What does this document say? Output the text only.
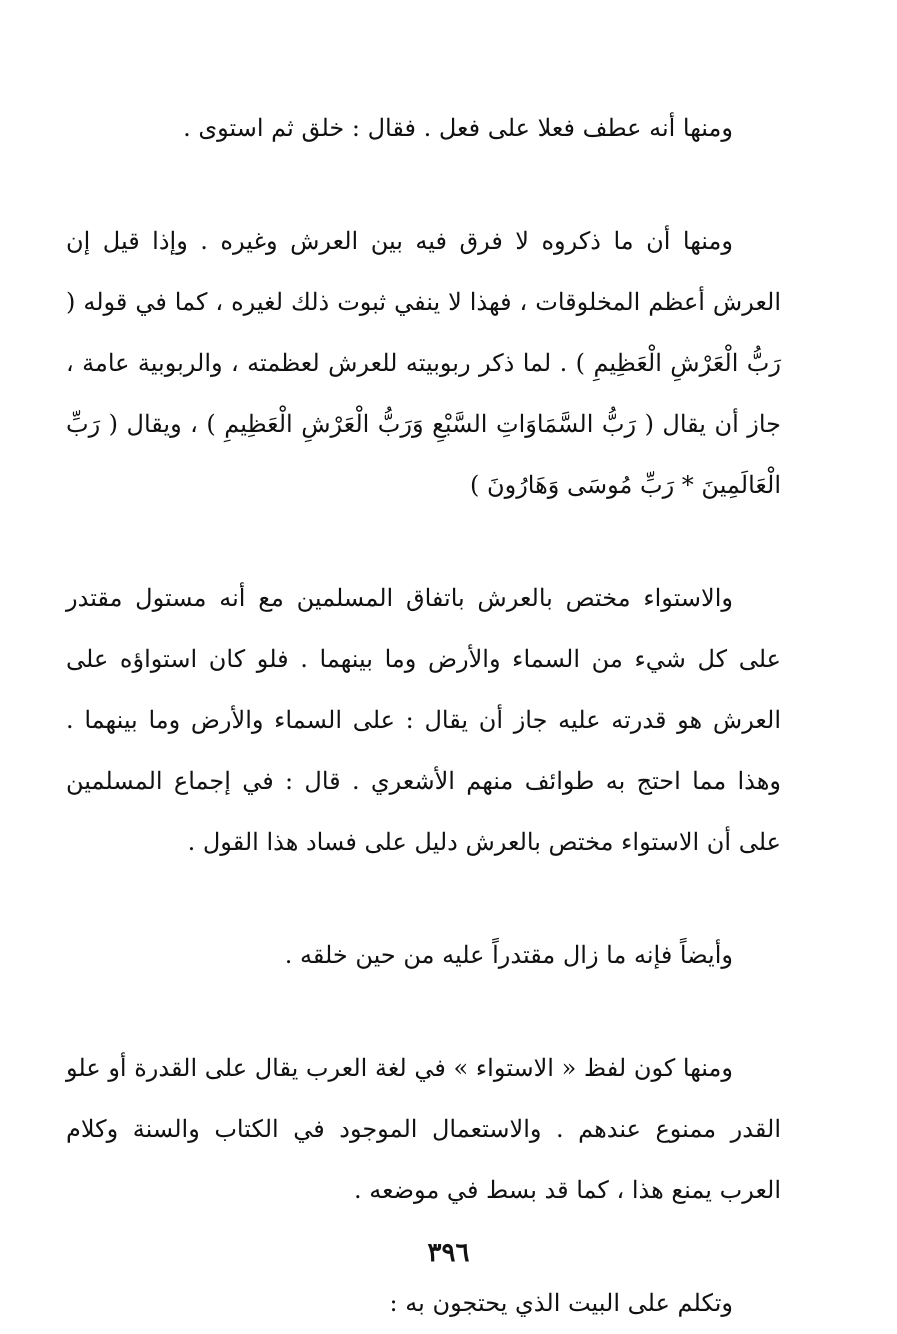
ومنها أنه عطف فعلا على فعل . فقال : خلق ثم استوى .

ومنها أن ما ذكروه لا فرق فيه بين العرش وغيره . وإذا قيل إن العرش أعظم المخلوقات ، فهذا لا ينفي ثبوت ذلك لغيره ، كما في قوله ( رَبُّ الْعَرْشِ الْعَظِيمِ ) . لما ذكر ربوبيته للعرش لعظمته ، والربوبية عامة ، جاز أن يقال ( رَبُّ السَّمَاوَاتِ السَّبْعِ وَرَبُّ الْعَرْشِ الْعَظِيمِ ) ، ويقال ( رَبِّ الْعَالَمِينَ * رَبِّ مُوسَى وَهَارُونَ )

والاستواء مختص بالعرش باتفاق المسلمين مع أنه مستول مقتدر على كل شيء من السماء والأرض وما بينهما . فلو كان استواؤه على العرش هو قدرته عليه جاز أن يقال : على السماء والأرض وما بينهما . وهذا مما احتج به طوائف منهم الأشعري . قال : في إجماع المسلمين على أن الاستواء مختص بالعرش دليل على فساد هذا القول .

وأيضاً فإنه ما زال مقتدراً عليه من حين خلقه .

ومنها كون لفظ « الاستواء » في لغة العرب يقال على القدرة أو علو القدر ممنوع عندهم . والاستعمال الموجود في الكتاب والسنة وكلام العرب يمنع هذا ، كما قد بسط في موضعه .

وتكلم على البيت الذي يحتجون به :

٣٩٦
